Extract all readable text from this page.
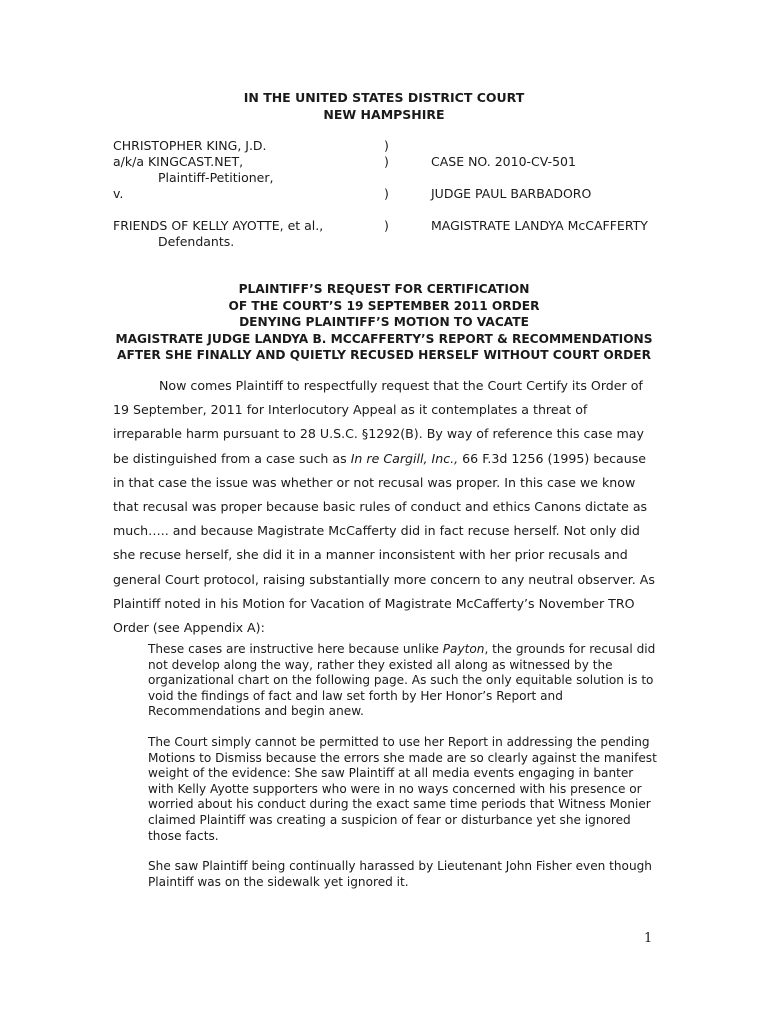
IN THE UNITED STATES DISTRICT COURT
NEW HAMPSHIRE
CHRISTOPHER KING, J.D.	)
a/k/a KINGCAST.NET,	)	CASE NO. 2010-CV-501
Plaintiff-Petitioner,
v.	)	JUDGE PAUL BARBADORO
FRIENDS OF KELLY AYOTTE, et al.,	)	MAGISTRATE LANDYA McCAFFERTY
Defendants.
PLAINTIFF’S REQUEST FOR CERTIFICATION
OF THE COURT’S 19 SEPTEMBER 2011 ORDER
DENYING PLAINTIFF’S MOTION TO VACATE
MAGISTRATE JUDGE LANDYA B. MCCAFFERTY’S REPORT & RECOMMENDATIONS
AFTER SHE FINALLY AND QUIETLY RECUSED HERSELF WITHOUT COURT ORDER
Now comes Plaintiff to respectfully request that the Court Certify its Order of 19 September, 2011 for Interlocutory Appeal as it contemplates a threat of irreparable harm pursuant to 28 U.S.C. §1292(B). By way of reference this case may be distinguished from a case such as In re Cargill, Inc., 66 F.3d 1256 (1995) because in that case the issue was whether or not recusal was proper. In this case we know that recusal was proper because basic rules of conduct and ethics Canons dictate as much….. and because Magistrate McCafferty did in fact recuse herself. Not only did she recuse herself, she did it in a manner inconsistent with her prior recusals and general Court protocol, raising substantially more concern to any neutral observer. As Plaintiff noted in his Motion for Vacation of Magistrate McCafferty’s November TRO Order (see Appendix A):

These cases are instructive here because unlike Payton, the grounds for recusal did not develop along the way, rather they existed all along as witnessed by the organizational chart on the following page. As such the only equitable solution is to void the findings of fact and law set forth by Her Honor’s Report and Recommendations and begin anew.

The Court simply cannot be permitted to use her Report in addressing the pending Motions to Dismiss because the errors she made are so clearly against the manifest weight of the evidence: She saw Plaintiff at all media events engaging in banter with Kelly Ayotte supporters who were in no ways concerned with his presence or worried about his conduct during the exact same time periods that Witness Monier claimed Plaintiff was creating a suspicion of fear or disturbance yet she ignored those facts.

She saw Plaintiff being continually harassed by Lieutenant John Fisher even though Plaintiff was on the sidewalk yet ignored it.

1
